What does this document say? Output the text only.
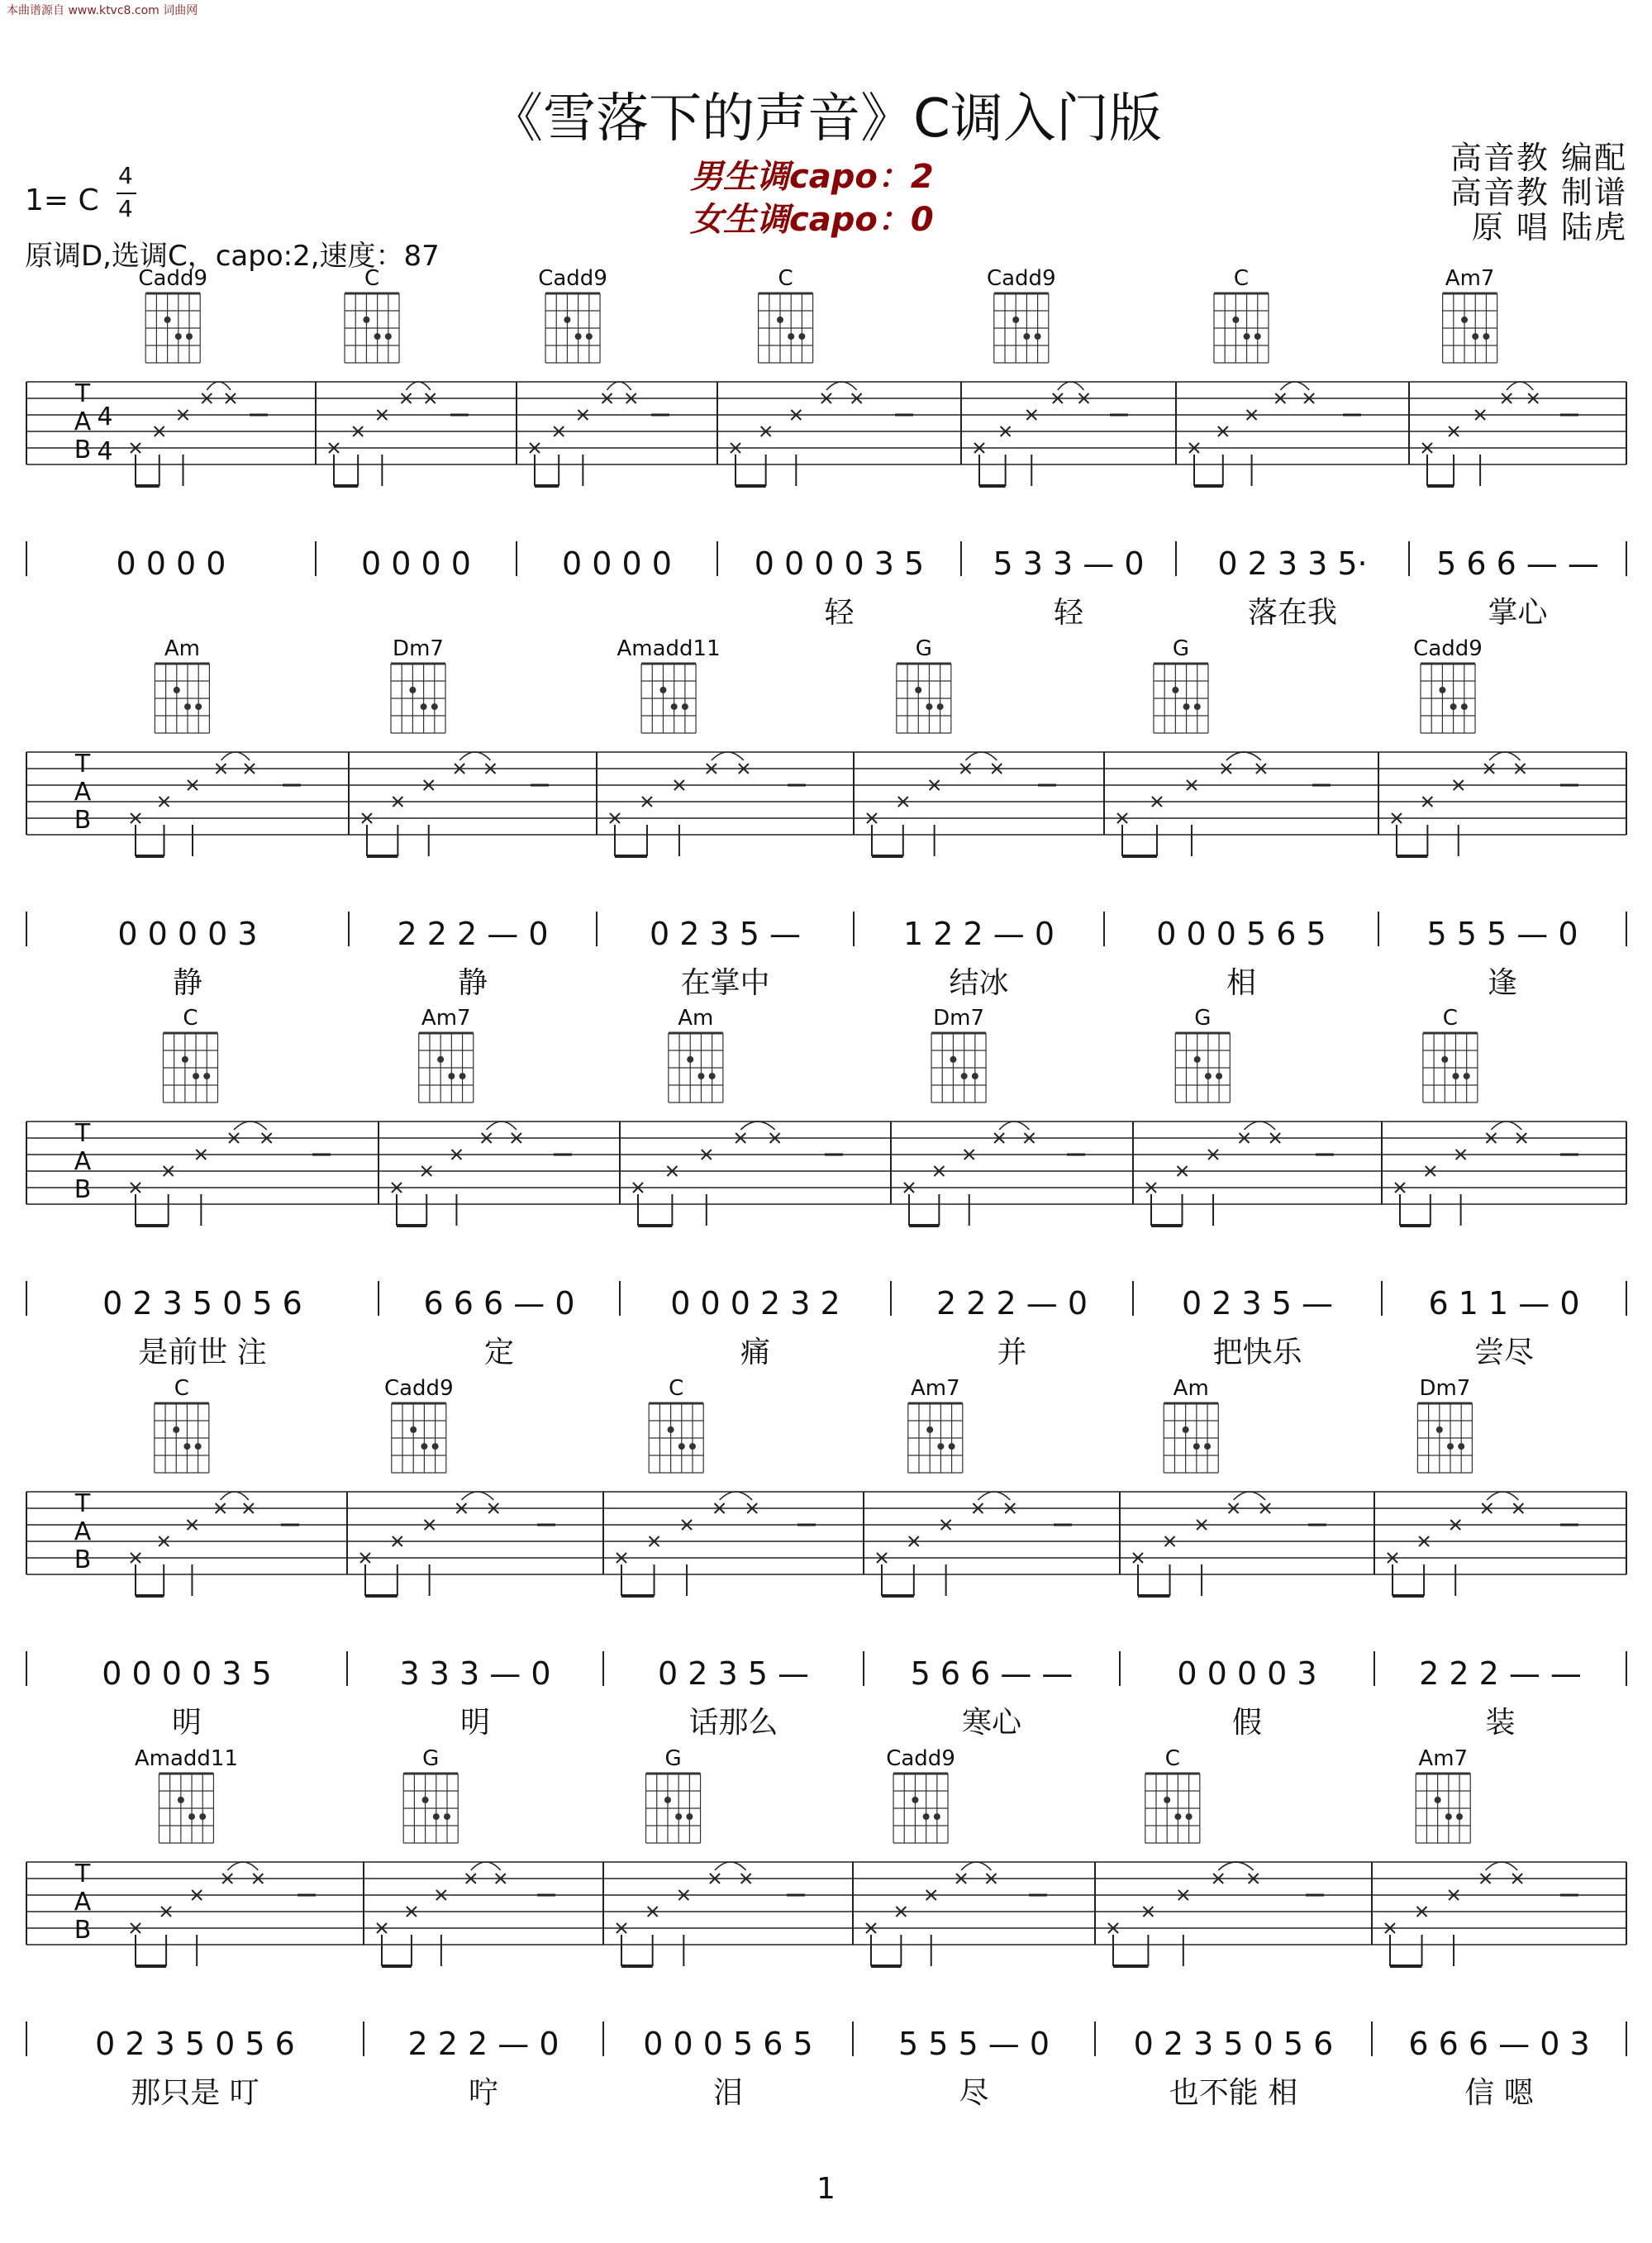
本曲谱源自 www.ktvc8.com 词曲网
《雪落下的声音》C调入门版
1= C
4
4
男生调capo：2
女生调capo：0
高音教 编配
高音教 制谱
原 唱 陆虎
原调D,选调C，capo:2,速度：87
T
A
B
4
4
Cadd9
0 0 0 0
C
0 0 0 0
Cadd9
0 0 0 0
C
0 0 0 0 3 5
轻
Cadd9
5 3 3 — 0
轻
C
0 2 3 3 5·
落在我
Am7
5 6 6 — —
掌心
T
A
B
Am
0 0 0 0 3
静
Dm7
2 2 2 — 0
静
Amadd11
0 2 3 5 —
在掌中
G
1 2 2 — 0
结冰
G
0 0 0 5 6 5
相
Cadd9
5 5 5 — 0
逢
T
A
B
C
0 2 3 5 0 5 6
是前世 注
Am7
6 6 6 — 0
定
Am
0 0 0 2 3 2
痛
Dm7
2 2 2 — 0
并
G
0 2 3 5 —
把快乐
C
6 1 1 — 0
尝尽
T
A
B
C
0 0 0 0 3 5
明
Cadd9
3 3 3 — 0
明
C
0 2 3 5 —
话那么
Am7
5 6 6 — —
寒心
Am
0 0 0 0 3
假
Dm7
2 2 2 — —
装
T
A
B
Amadd11
0 2 3 5 0 5 6
那只是 叮
G
2 2 2 — 0
咛
G
0 0 0 5 6 5
泪
Cadd9
5 5 5 — 0
尽
C
0 2 3 5 0 5 6
也不能 相
Am7
6 6 6 — 0 3
信 嗯
1
